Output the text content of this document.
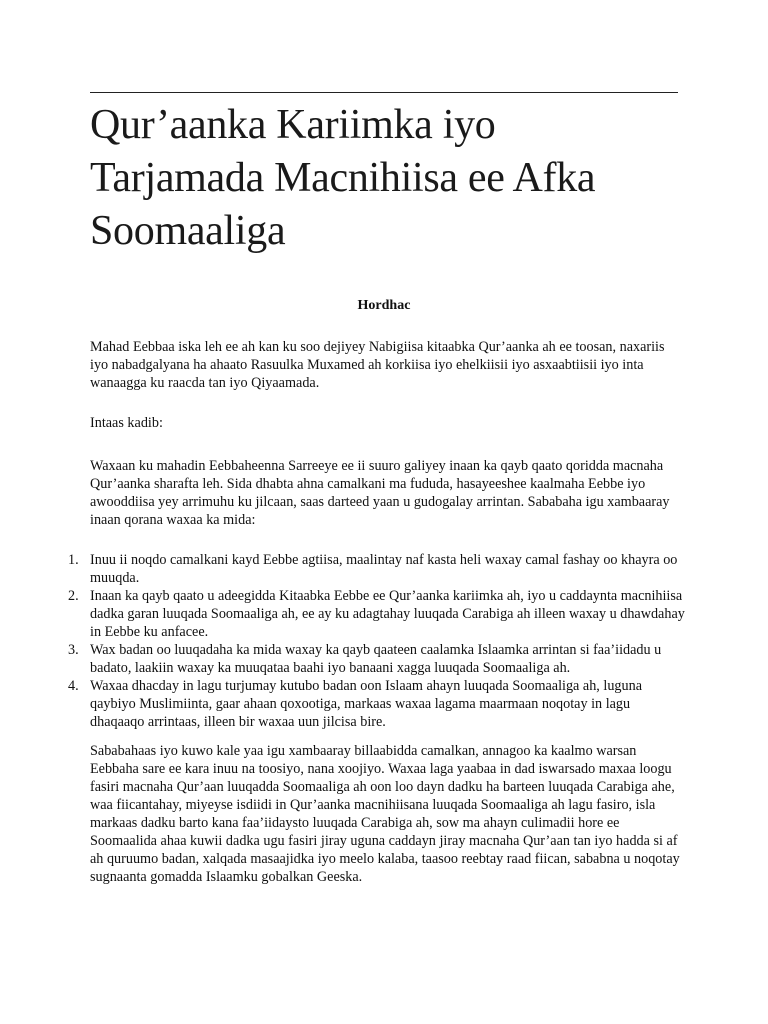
Qur’aanka Kariimka iyo Tarjamada Macnihiisa ee Afka Soomaaliga
Hordhac

Mahad Eebbaa iska leh ee ah kan ku soo dejiyey Nabigiisa kitaabka Qur’aanka ah ee toosan, naxariis iyo nabadgalyana ha ahaato Rasuulka Muxamed ah korkiisa iyo ehelkiisii iyo asxaabtiisii iyo inta wanaagga ku raacda tan iyo Qiyaamada.

Intaas kadib:

Waxaan ku mahadin Eebbaheenna Sarreeye ee ii suuro galiyey inaan ka qayb qaato qoridda macnaha Qur’aanka sharafta leh. Sida dhabta ahna camalkani ma fududa, hasayeeshee kaalmaha Eebbe iyo awooddiisa yey arrimuhu ku jilcaan, saas darteed yaan u gudogalay arrintan. Sababaha igu xambaaray inaan qorana waxaa ka mida:

1. Inuu ii noqdo camalkani kayd Eebbe agtiisa, maalintay naf kasta heli waxay camal fashay oo khayra oo muuqda.
2. Inaan ka qayb qaato u adeegidda Kitaabka Eebbe ee Qur’aanka kariimka ah, iyo u caddaynta macnihiisa dadka garan luuqada Soomaaliga ah, ee ay ku adagtahay luuqada Carabiga ah illeen waxay u dhawdahay in Eebbe ku anfacee.
3. Wax badan oo luuqadaha ka mida waxay ka qayb qaateen caalamka Islaamka arrintan si faa’iidadu u badato, laakiin waxay ka muuqataa baahi iyo banaani xagga luuqada Soomaaliga ah.
4. Waxaa dhacday in lagu turjumay kutubo badan oon Islaam ahayn luuqada Soomaaliga ah, luguna qaybiyo Muslimiinta, gaar ahaan qoxootiga, markaas waxaa lagama maarmaan noqotay in lagu dhaqaaqo arrintaas, illeen bir waxaa uun jilcisa bire.

Sababahaas iyo kuwo kale yaa igu xambaaray billaabidda camalkan, annagoo ka kaalmo warsan Eebbaha sare ee kara inuu na toosiyo, nana xoojiyo. Waxaa laga yaabaa in dad iswarsado maxaa loogu fasiri macnaha Qur’aan luuqadda Soomaaliga ah oon loo dayn dadku ha barteen luuqada Carabiga ahe, waa fiicantahay, miyeyse isdiidi in Qur’aanka macnihiisana luuqada Soomaaliga ah lagu fasiro, isla markaas dadku barto kana faa’iidaysto luuqada Carabiga ah, sow ma ahayn culimadii hore ee Soomaalida ahaa kuwii dadka ugu fasiri jiray uguna caddayn jiray macnaha Qur’aan tan iyo hadda si af ah quruumo badan, xalqada masaajidka iyo meelo kalaba, taasoo reebtay raad fiican, sababna u noqotay sugnaanta gomadda Islaamku gobalkan Geeska.
